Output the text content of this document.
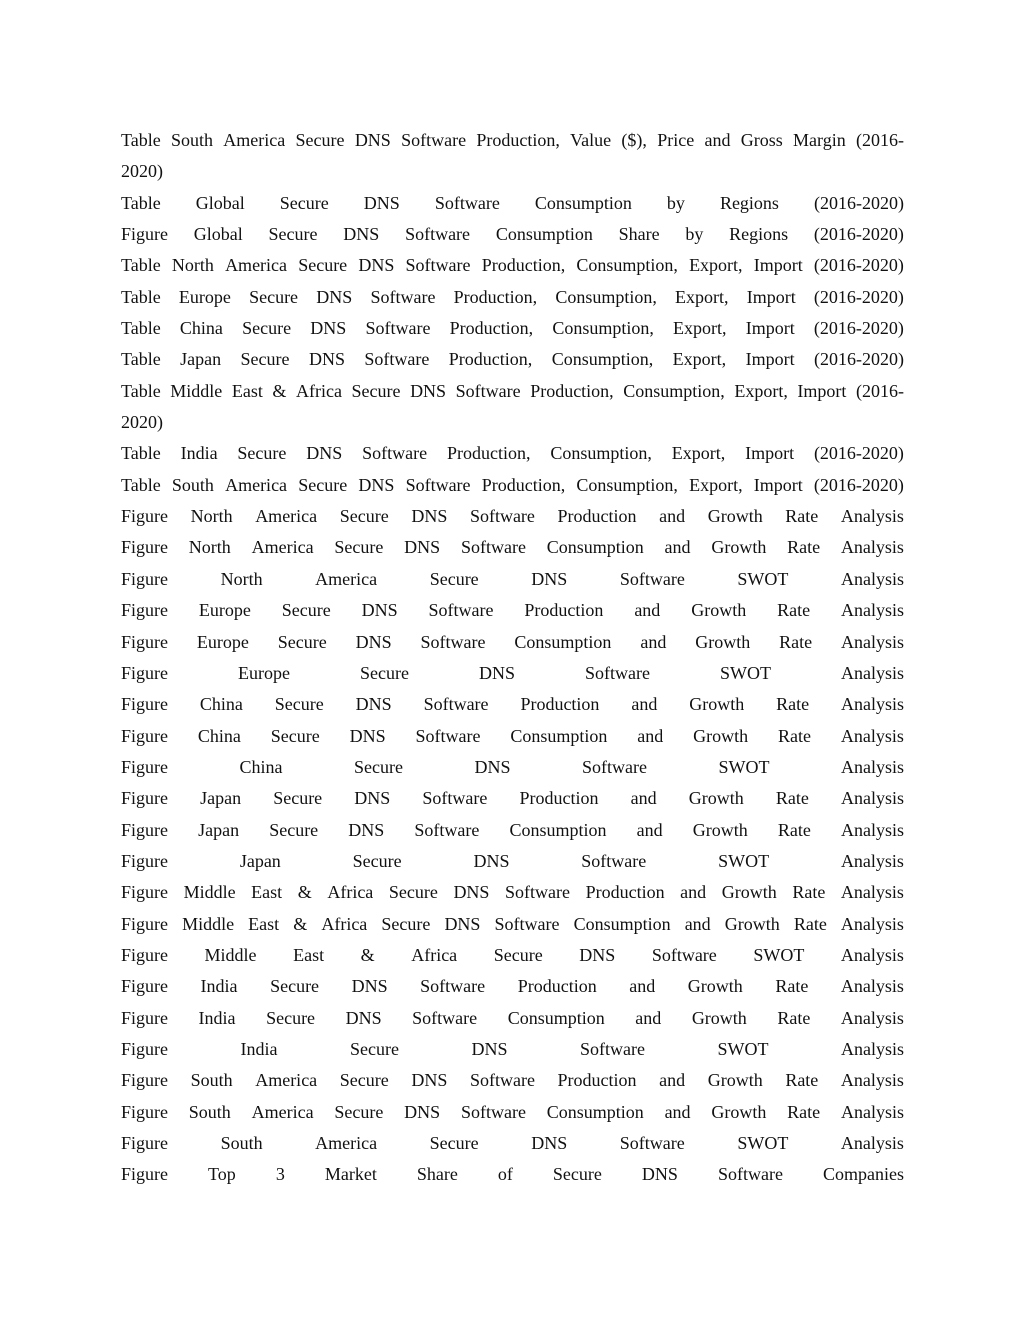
Table South America Secure DNS Software Production, Value ($), Price and Gross Margin (2016-
2020)
Table Global Secure DNS Software Consumption by Regions (2016-2020)
Figure Global Secure DNS Software Consumption Share by Regions (2016-2020)
Table North America Secure DNS Software Production, Consumption, Export, Import (2016-2020)
Table Europe Secure DNS Software Production, Consumption, Export, Import (2016-2020)
Table China Secure DNS Software Production, Consumption, Export, Import (2016-2020)
Table Japan Secure DNS Software Production, Consumption, Export, Import (2016-2020)
Table Middle East & Africa Secure DNS Software Production, Consumption, Export, Import (2016-
2020)
Table India Secure DNS Software Production, Consumption, Export, Import (2016-2020)
Table South America Secure DNS Software Production, Consumption, Export, Import (2016-2020)
Figure North America Secure DNS Software Production and Growth Rate Analysis
Figure North America Secure DNS Software Consumption and Growth Rate Analysis
Figure	North	America	Secure	DNS	Software	SWOT	Analysis
Figure Europe Secure DNS Software Production and Growth Rate Analysis
Figure Europe Secure DNS Software Consumption and Growth Rate Analysis
Figure	Europe	Secure	DNS	Software	SWOT	Analysis
Figure China Secure DNS Software Production and Growth Rate Analysis
Figure China Secure DNS Software Consumption and Growth Rate Analysis
Figure	China	Secure	DNS	Software	SWOT	Analysis
Figure Japan Secure DNS Software Production and Growth Rate Analysis
Figure Japan Secure DNS Software Consumption and Growth Rate Analysis
Figure	Japan	Secure	DNS	Software	SWOT	Analysis
Figure Middle East & Africa Secure DNS Software Production and Growth Rate Analysis
Figure Middle East & Africa Secure DNS Software Consumption and Growth Rate Analysis
Figure Middle East & Africa Secure DNS Software SWOT Analysis
Figure India Secure DNS Software Production and Growth Rate Analysis
Figure India Secure DNS Software Consumption and Growth Rate Analysis
Figure	India	Secure	DNS	Software	SWOT	Analysis
Figure South America Secure DNS Software Production and Growth Rate Analysis
Figure South America Secure DNS Software Consumption and Growth Rate Analysis
Figure	South	America	Secure	DNS	Software	SWOT	Analysis
Figure Top 3 Market Share of Secure DNS Software Companies
